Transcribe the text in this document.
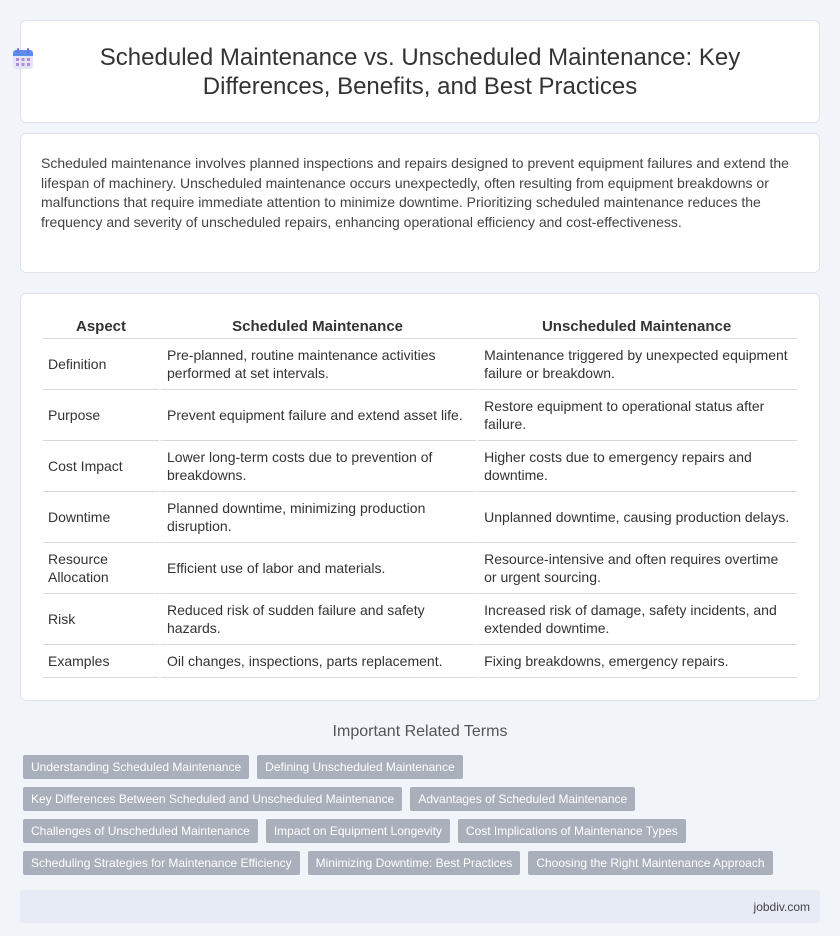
Scheduled Maintenance vs. Unscheduled Maintenance: Key Differences, Benefits, and Best Practices

Scheduled maintenance involves planned inspections and repairs designed to prevent equipment failures and extend the lifespan of machinery. Unscheduled maintenance occurs unexpectedly, often resulting from equipment breakdowns or malfunctions that require immediate attention to minimize downtime. Prioritizing scheduled maintenance reduces the frequency and severity of unscheduled repairs, enhancing operational efficiency and cost-effectiveness.

Aspect	Scheduled Maintenance	Unscheduled Maintenance
Definition	Pre-planned, routine maintenance activities performed at set intervals.	Maintenance triggered by unexpected equipment failure or breakdown.
Purpose	Prevent equipment failure and extend asset life.	Restore equipment to operational status after failure.
Cost Impact	Lower long-term costs due to prevention of breakdowns.	Higher costs due to emergency repairs and downtime.
Downtime	Planned downtime, minimizing production disruption.	Unplanned downtime, causing production delays.
Resource Allocation	Efficient use of labor and materials.	Resource-intensive and often requires overtime or urgent sourcing.
Risk	Reduced risk of sudden failure and safety hazards.	Increased risk of damage, safety incidents, and extended downtime.
Examples	Oil changes, inspections, parts replacement.	Fixing breakdowns, emergency repairs.
Important Related Terms
Understanding Scheduled Maintenance	Defining Unscheduled Maintenance
Key Differences Between Scheduled and Unscheduled Maintenance	Advantages of Scheduled Maintenance
Challenges of Unscheduled Maintenance	Impact on Equipment Longevity	Cost Implications of Maintenance Types
Scheduling Strategies for Maintenance Efficiency	Minimizing Downtime: Best Practices	Choosing the Right Maintenance Approach
jobdiv.com
